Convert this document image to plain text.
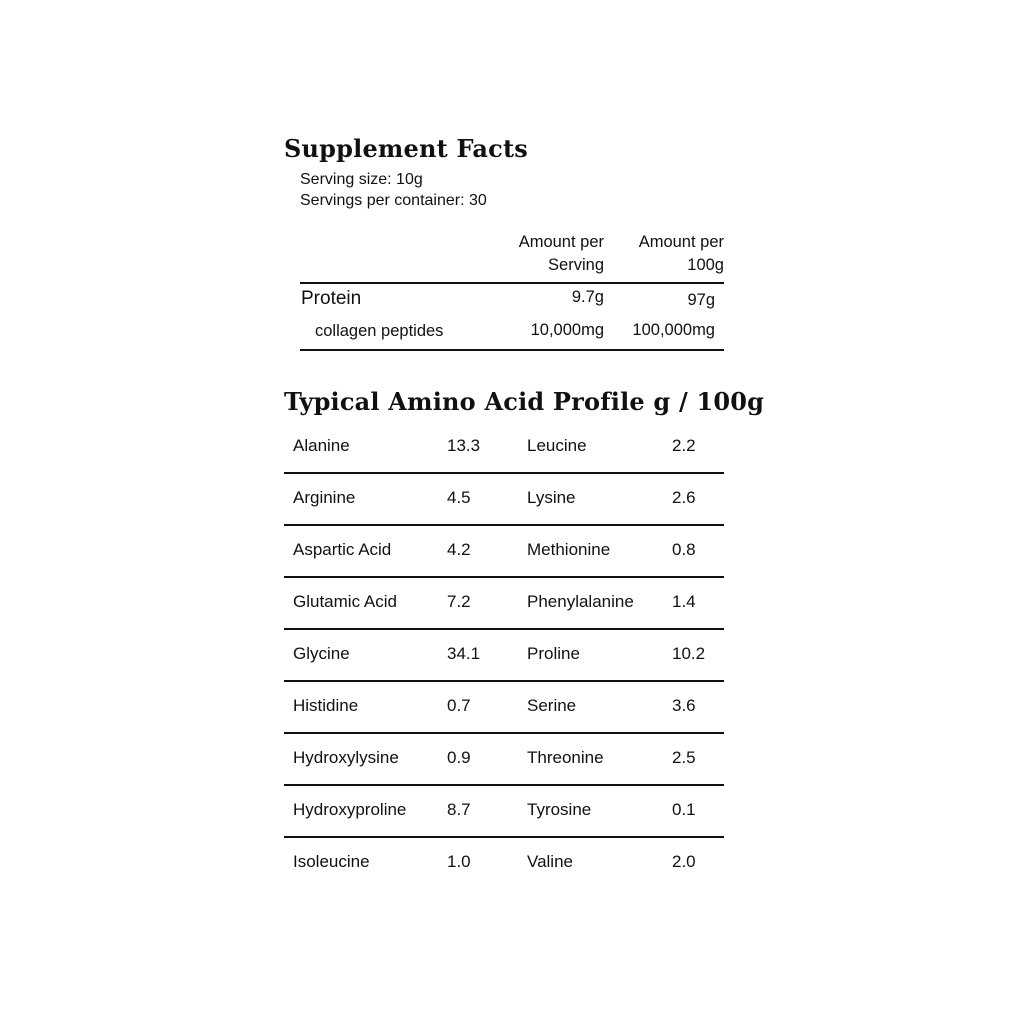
Supplement Facts
Serving size: 10g
Servings per container: 30
Amount per
Serving
Amount per
100g
Protein	9.7g	97g
collagen peptides	10,000mg 100,000mg
Typical Amino Acid Profile g / 100g
Alanine	13.3	Leucine	2.2
Arginine	4.5	Lysine	2.6
Aspartic Acid	4.2	Methionine	0.8
Glutamic Acid	7.2	Phenylalanine 1.4
Glycine	34.1	Proline	10.2
Histidine	0.7	Serine	3.6
Hydroxylysine	0.9	Threonine	2.5
Hydroxyproline 8.7	Tyrosine	0.1
Isoleucine	1.0	Valine	2.0
